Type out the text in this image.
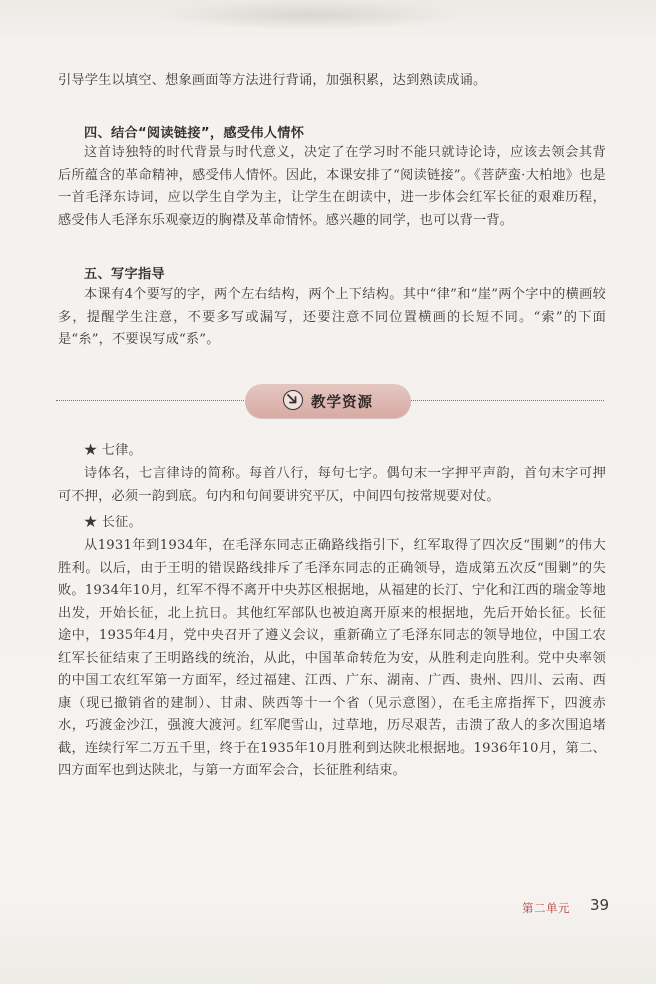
引导学生以填空、想象画面等方法进行背诵，加强积累，达到熟读成诵。

四、结合“阅读链接”，感受伟人情怀

这首诗独特的时代背景与时代意义，决定了在学习时不能只就诗论诗，应该去领会其背后所蕴含的革命精神，感受伟人情怀。因此，本课安排了“阅读链接”。《菩萨蛮·大柏地》也是一首毛泽东诗词，应以学生自学为主，让学生在朗读中，进一步体会红军长征的艰难历程，感受伟人毛泽东乐观豪迈的胸襟及革命情怀。感兴趣的同学，也可以背一背。

五、写字指导

本课有4个要写的字，两个左右结构，两个上下结构。其中“律”和“崖”两个字中的横画较多，提醒学生注意，不要多写或漏写，还要注意不同位置横画的长短不同。“索”的下面是“糸”，不要误写成“系”。

教学资源

★ 七律。

诗体名，七言律诗的简称。每首八行，每句七字。偶句末一字押平声韵，首句末字可押可不押，必须一韵到底。句内和句间要讲究平仄，中间四句按常规要对仗。

★ 长征。

从1931年到1934年，在毛泽东同志正确路线指引下，红军取得了四次反“围剿”的伟大胜利。以后，由于王明的错误路线排斥了毛泽东同志的正确领导，造成第五次反“围剿”的失败。1934年10月，红军不得不离开中央苏区根据地，从福建的长汀、宁化和江西的瑞金等地出发，开始长征，北上抗日。其他红军部队也被迫离开原来的根据地，先后开始长征。长征途中，1935年4月，党中央召开了遵义会议，重新确立了毛泽东同志的领导地位，中国工农红军长征结束了王明路线的统治，从此，中国革命转危为安，从胜利走向胜利。党中央率领的中国工农红军第一方面军，经过福建、江西、广东、湖南、广西、贵州、四川、云南、西康（现已撤销省的建制）、甘肃、陕西等十一个省（见示意图），在毛主席指挥下，四渡赤水，巧渡金沙江，强渡大渡河。红军爬雪山，过草地，历尽艰苦，击溃了敌人的多次围追堵截，连续行军二万五千里，终于在1935年10月胜利到达陕北根据地。1936年10月，第二、四方面军也到达陕北，与第一方面军会合，长征胜利结束。

第二单元 39
